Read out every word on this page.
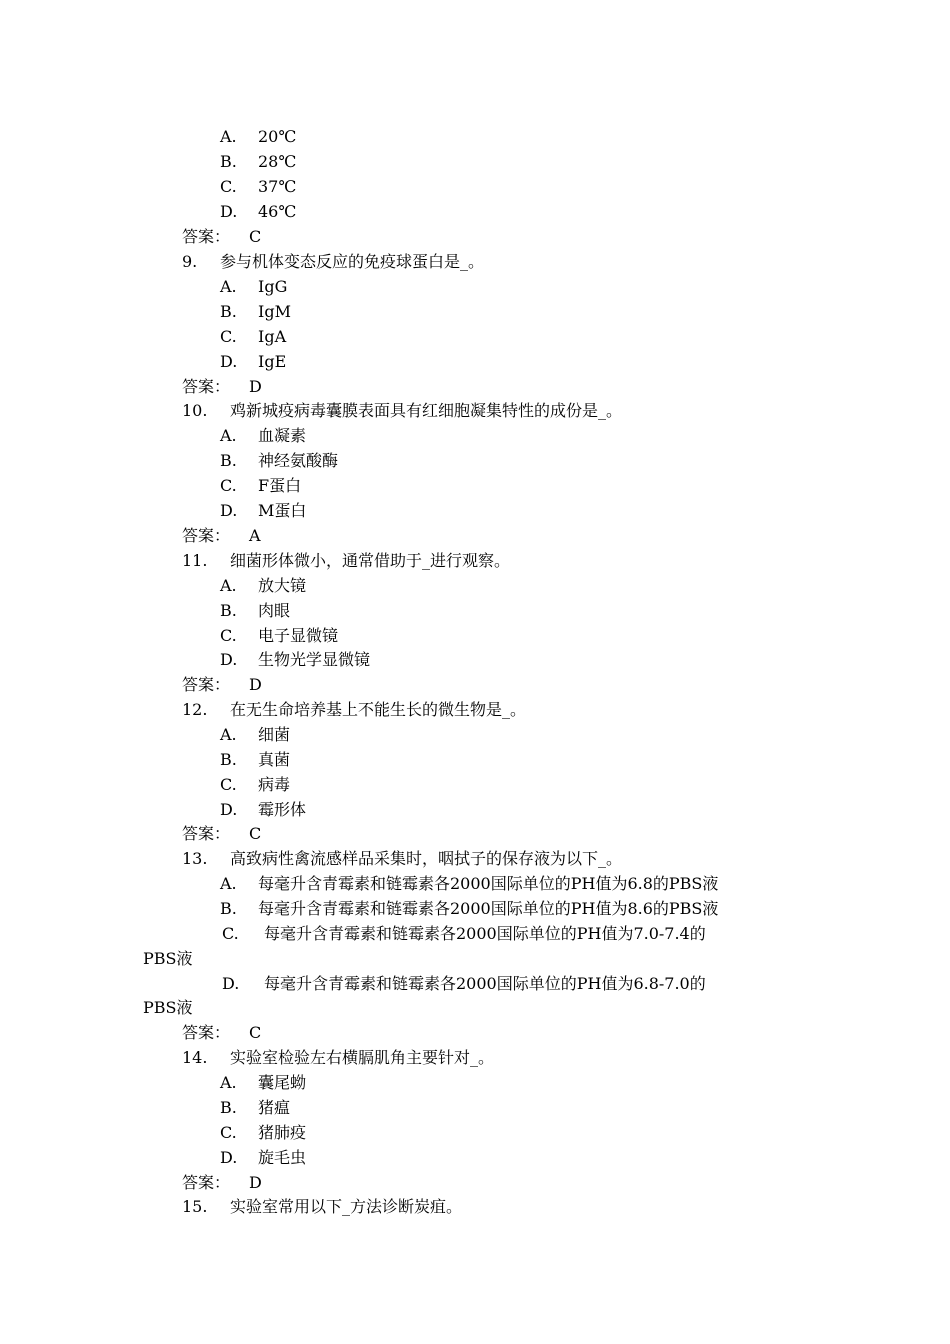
A. 20℃
B. 28℃
C. 37℃
D. 46℃
答案： C
9. 参与机体变态反应的免疫球蛋白是_。
A. IgG
B. IgM
C. IgA
D. IgE
答案： D
10. 鸡新城疫病毒囊膜表面具有红细胞凝集特性的成份是_。
A. 血凝素
B. 神经氨酸酶
C. F蛋白
D. M蛋白
答案： A
11. 细菌形体微小，通常借助于_进行观察。
A. 放大镜
B. 肉眼
C. 电子显微镜
D. 生物光学显微镜
答案： D
12. 在无生命培养基上不能生长的微生物是_。
A. 细菌
B. 真菌
C. 病毒
D. 霉形体
答案： C
13. 高致病性禽流感样品采集时，咽拭子的保存液为以下_。
A. 每毫升含青霉素和链霉素各2000国际单位的PH值为6.8的PBS液
B. 每毫升含青霉素和链霉素各2000国际单位的PH值为8.6的PBS液
C. 每毫升含青霉素和链霉素各2000国际单位的PH值为7.0-7.4的
PBS液
D. 每毫升含青霉素和链霉素各2000国际单位的PH值为6.8-7.0的
PBS液
答案： C
14. 实验室检验左右横膈肌角主要针对_。
A. 囊尾蚴
B. 猪瘟
C. 猪肺疫
D. 旋毛虫
答案： D
15. 实验室常用以下_方法诊断炭疽。
